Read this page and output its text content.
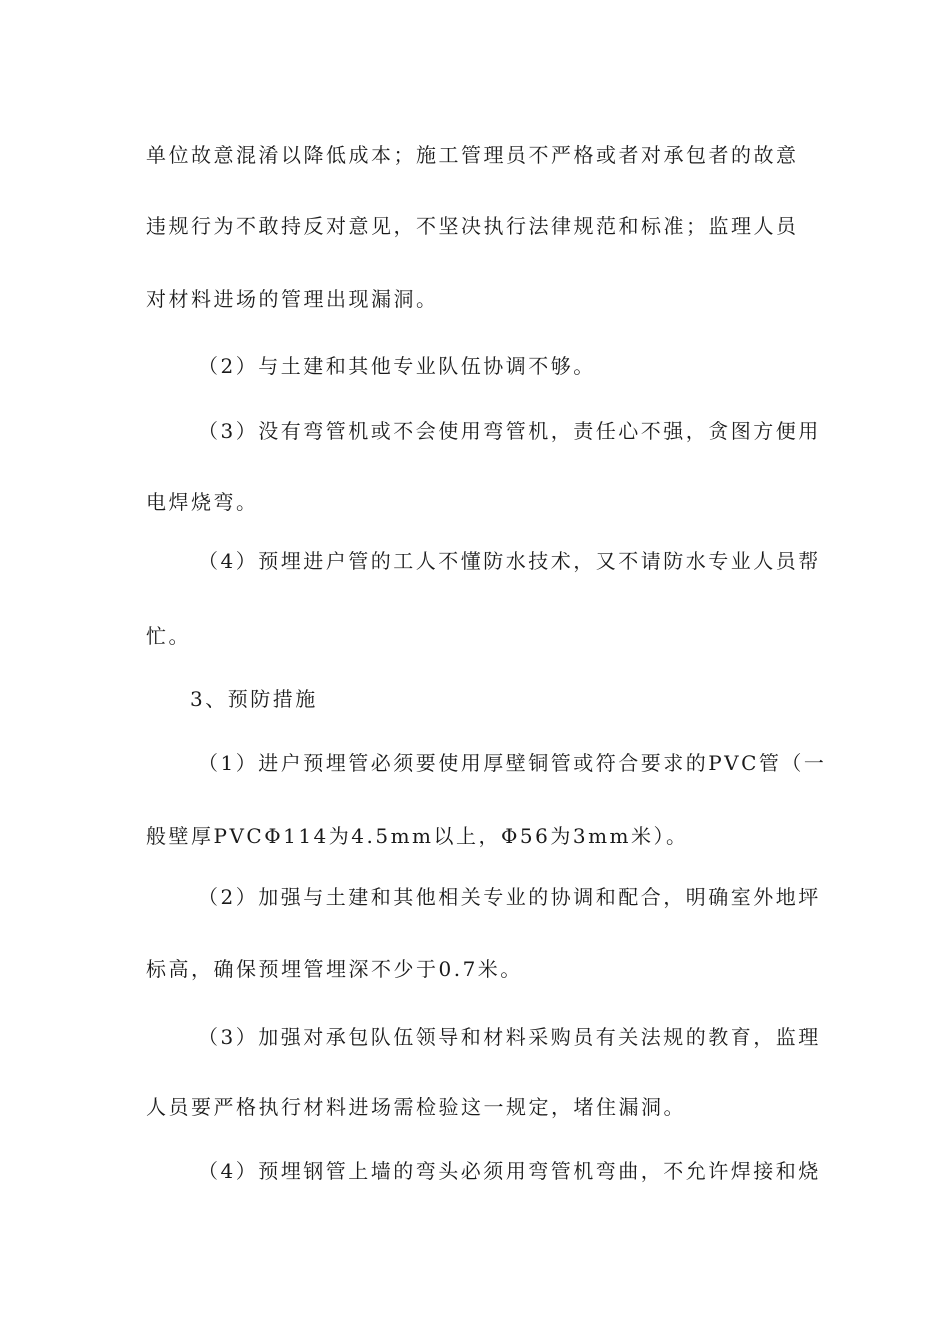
单位故意混淆以降低成本；施工管理员不严格或者对承包者的故意
违规行为不敢持反对意见，不坚决执行法律规范和标准；监理人员
对材料进场的管理出现漏洞。
（2）与土建和其他专业队伍协调不够。
（3）没有弯管机或不会使用弯管机，责任心不强，贪图方便用
电焊烧弯。
（4）预埋进户管的工人不懂防水技术，又不请防水专业人员帮
忙。
3、预防措施
（1）进户预埋管必须要使用厚壁铜管或符合要求的PVC管（一
般壁厚PVCΦ114为4.5mm以上，Φ56为3mm米）。
（2）加强与土建和其他相关专业的协调和配合，明确室外地坪
标高，确保预埋管埋深不少于0.7米。
（3）加强对承包队伍领导和材料采购员有关法规的教育，监理
人员要严格执行材料进场需检验这一规定，堵住漏洞。
（4）预埋钢管上墙的弯头必须用弯管机弯曲，不允许焊接和烧
